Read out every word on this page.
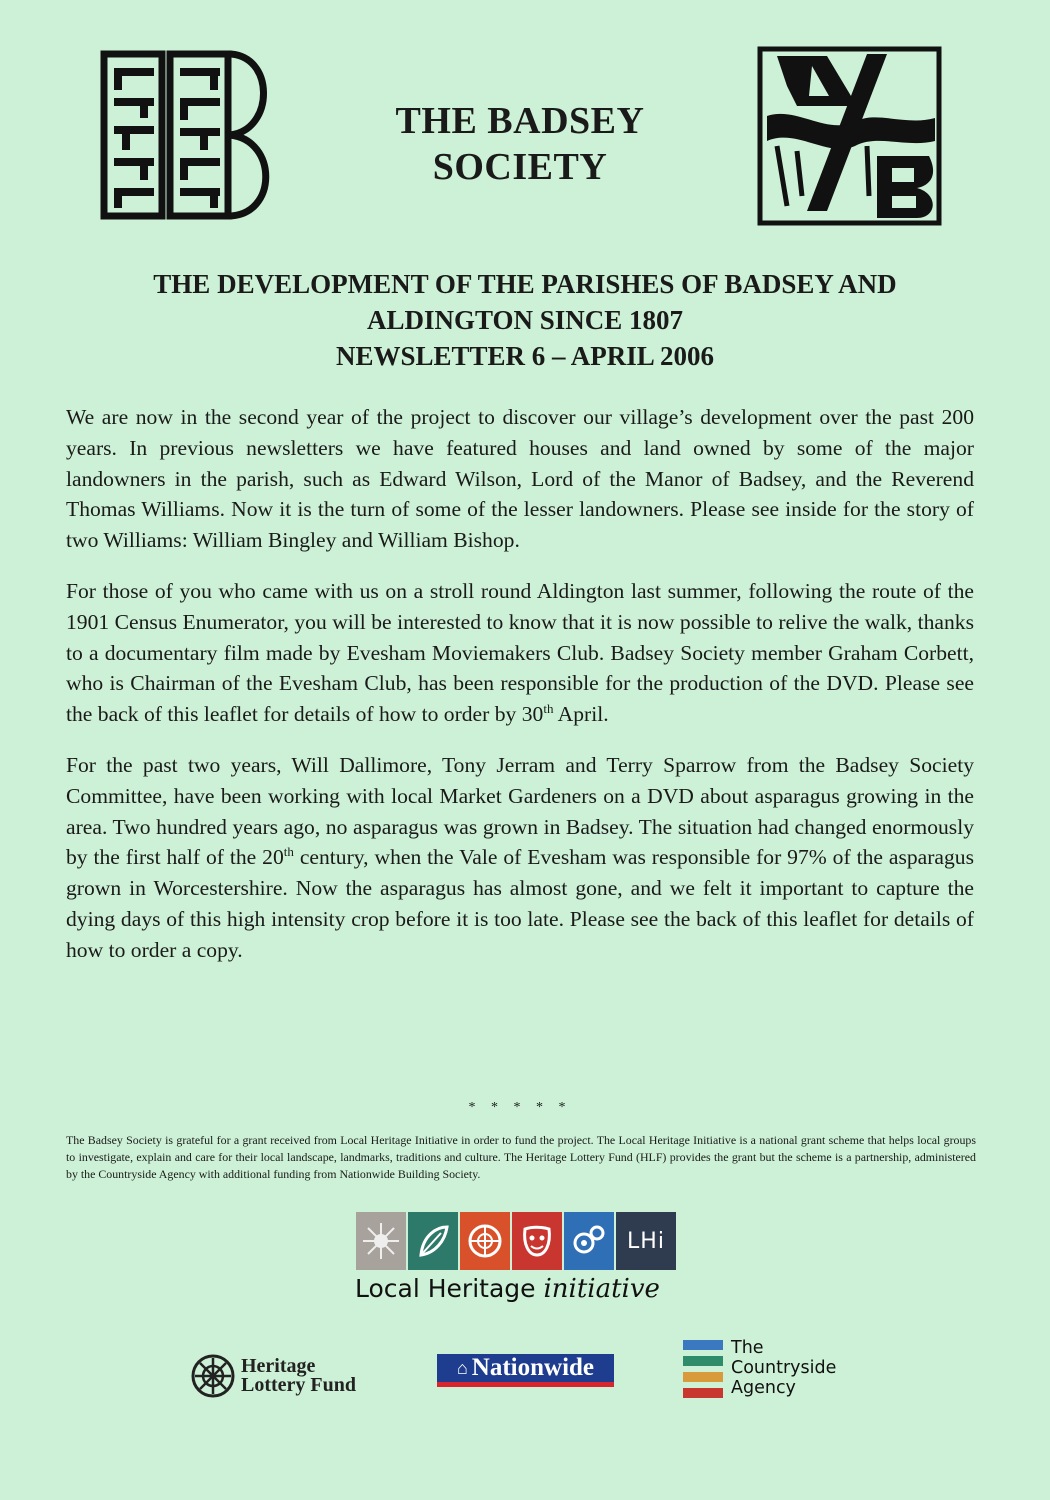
THE BADSEY
SOCIETY
THE DEVELOPMENT OF THE PARISHES OF BADSEY AND
ALDINGTON SINCE 1807
NEWSLETTER 6 – APRIL 2006

We are now in the second year of the project to discover our village’s development over the past 200 years. In previous newsletters we have featured houses and land owned by some of the major landowners in the parish, such as Edward Wilson, Lord of the Manor of Badsey, and the Reverend Thomas Williams. Now it is the turn of some of the lesser landowners. Please see inside for the story of two Williams: William Bingley and William Bishop.

For those of you who came with us on a stroll round Aldington last summer, following the route of the 1901 Census Enumerator, you will be interested to know that it is now possible to relive the walk, thanks to a documentary film made by Evesham Moviemakers Club. Badsey Society member Graham Corbett, who is Chairman of the Evesham Club, has been responsible for the production of the DVD. Please see the back of this leaflet for details of how to order by 30th April.

For the past two years, Will Dallimore, Tony Jerram and Terry Sparrow from the Badsey Society Committee, have been working with local Market Gardeners on a DVD about asparagus growing in the area. Two hundred years ago, no asparagus was grown in Badsey. The situation had changed enormously by the first half of the 20th century, when the Vale of Evesham was responsible for 97% of the asparagus grown in Worcestershire. Now the asparagus has almost gone, and we felt it important to capture the dying days of this high intensity crop before it is too late. Please see the back of this leaflet for details of how to order a copy.

* * * * *
The Badsey Society is grateful for a grant received from Local Heritage Initiative in order to fund the project. The Local Heritage Initiative is a national grant scheme that helps local groups to investigate, explain and care for their local landscape, landmarks, traditions and culture. The Heritage Lottery Fund (HLF) provides the grant but the scheme is a partnership, administered by the Countryside Agency with additional funding from Nationwide Building Society.
LHi
Local Heritage initiative
Heritage
Lottery Fund
⌂ Nationwide
The
Countryside
Agency
